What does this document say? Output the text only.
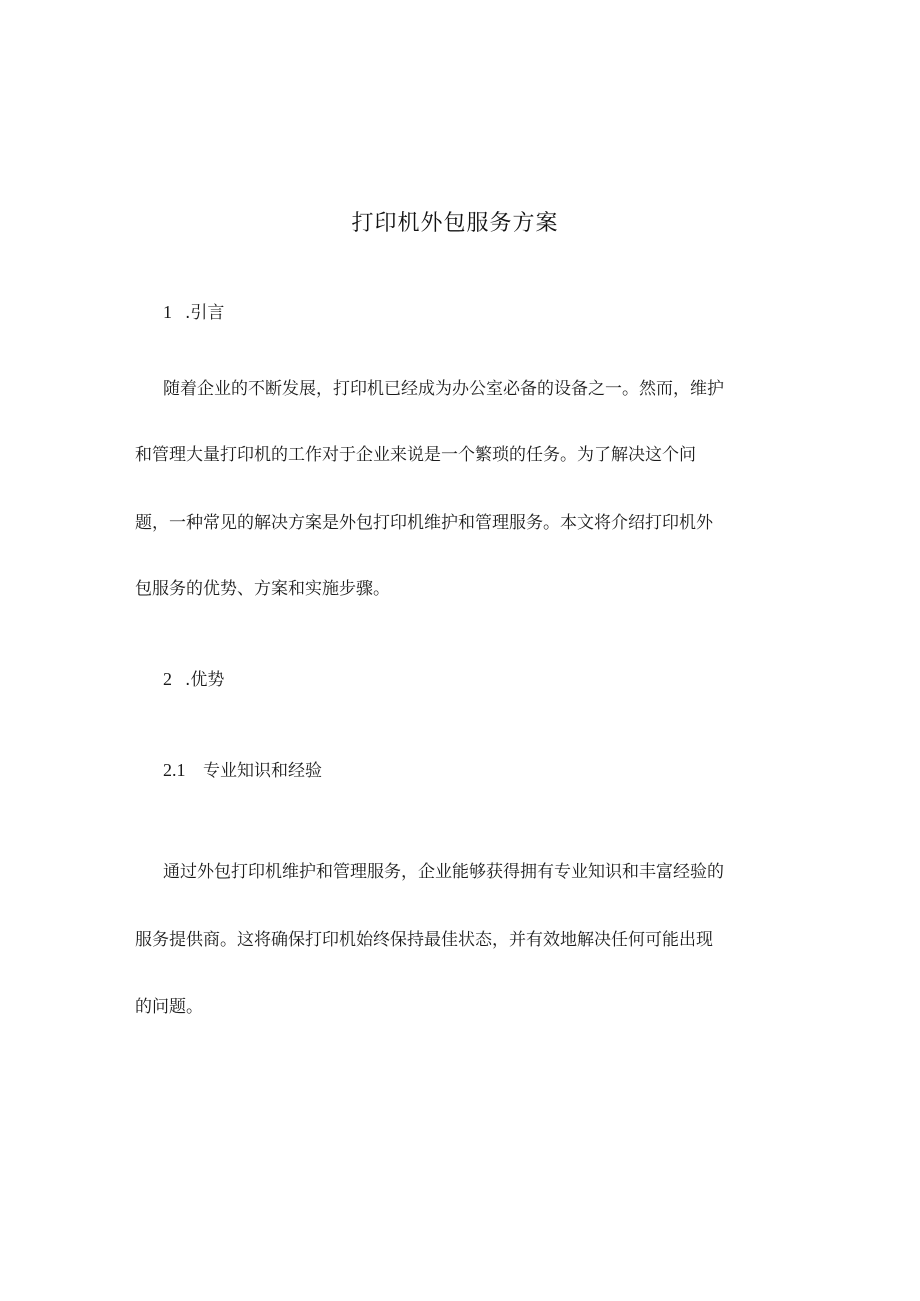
打印机外包服务方案
1 .引言
随着企业的不断发展，打印机已经成为办公室必备的设备之一。然而，维护
和管理大量打印机的工作对于企业来说是一个繁琐的任务。为了解决这个问
题，一种常见的解决方案是外包打印机维护和管理服务。本文将介绍打印机外
包服务的优势、方案和实施步骤。
2 .优势
2.1 专业知识和经验
通过外包打印机维护和管理服务，企业能够获得拥有专业知识和丰富经验的
服务提供商。这将确保打印机始终保持最佳状态，并有效地解决任何可能出现
的问题。
